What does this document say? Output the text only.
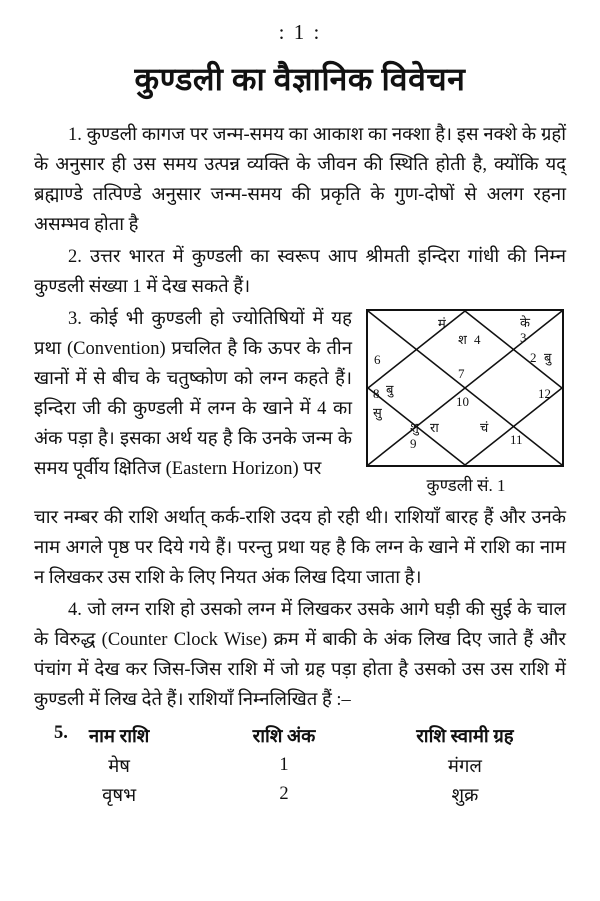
: 1 :
कुण्डली का वैज्ञानिक विवेचन

1. कुण्डली कागज पर जन्म-समय का आकाश का नक्शा है। इस नक्शे के ग्रहों के अनुसार ही उस समय उत्पन्न व्यक्ति के जीवन की स्थिति होती है, क्योंकि यद् ब्रह्माण्डे तत्पिण्डे अनुसार जन्म-समय की प्रकृति के गुण-दोषों से अलग रहना असम्भव होता है

2. उत्तर भारत में कुण्डली का स्वरूप आप श्रीमती इन्दिरा गांधी की निम्न कुण्डली संख्या 1 में देख सकते हैं।

6
मं
श 4
के
3
बु
2
7
बु
8
सु
10
12
शु रा
9
चं
11
कुण्डली सं. 1

3. कोई भी कुण्डली हो ज्योतिषियों में यह प्रथा (Convention) प्रचलित है कि ऊपर के तीन खानों में से बीच के चतुष्कोण को लग्न कहते हैं। इन्दिरा जी की कुण्डली में लग्न के खाने में 4 का अंक पड़ा है। इसका अर्थ यह है कि उनके जन्म के समय पूर्वीय क्षितिज (Eastern Horizon) पर

चार नम्बर की राशि अर्थात् कर्क-राशि उदय हो रही थी। राशियाँ बारह हैं और उनके नाम अगले पृष्ठ पर दिये गये हैं। परन्तु प्रथा यह है कि लग्न के खाने में राशि का नाम न लिखकर उस राशि के लिए नियत अंक लिख दिया जाता है।

4. जो लग्न राशि हो उसको लग्न में लिखकर उसके आगे घड़ी की सुई के चाल के विरुद्ध (Counter Clock Wise) क्रम में बाकी के अंक लिख दिए जाते हैं और पंचांग में देख कर जिस-जिस राशि में जो ग्रह पड़ा होता है उसको उस उस राशि में कुण्डली में लिख देते हैं। राशियाँ निम्नलिखित हैं :–

5. नाम राशि	राशि अंक	राशि स्वामी ग्रह
मेष	1	मंगल
वृषभ	2	शुक्र
